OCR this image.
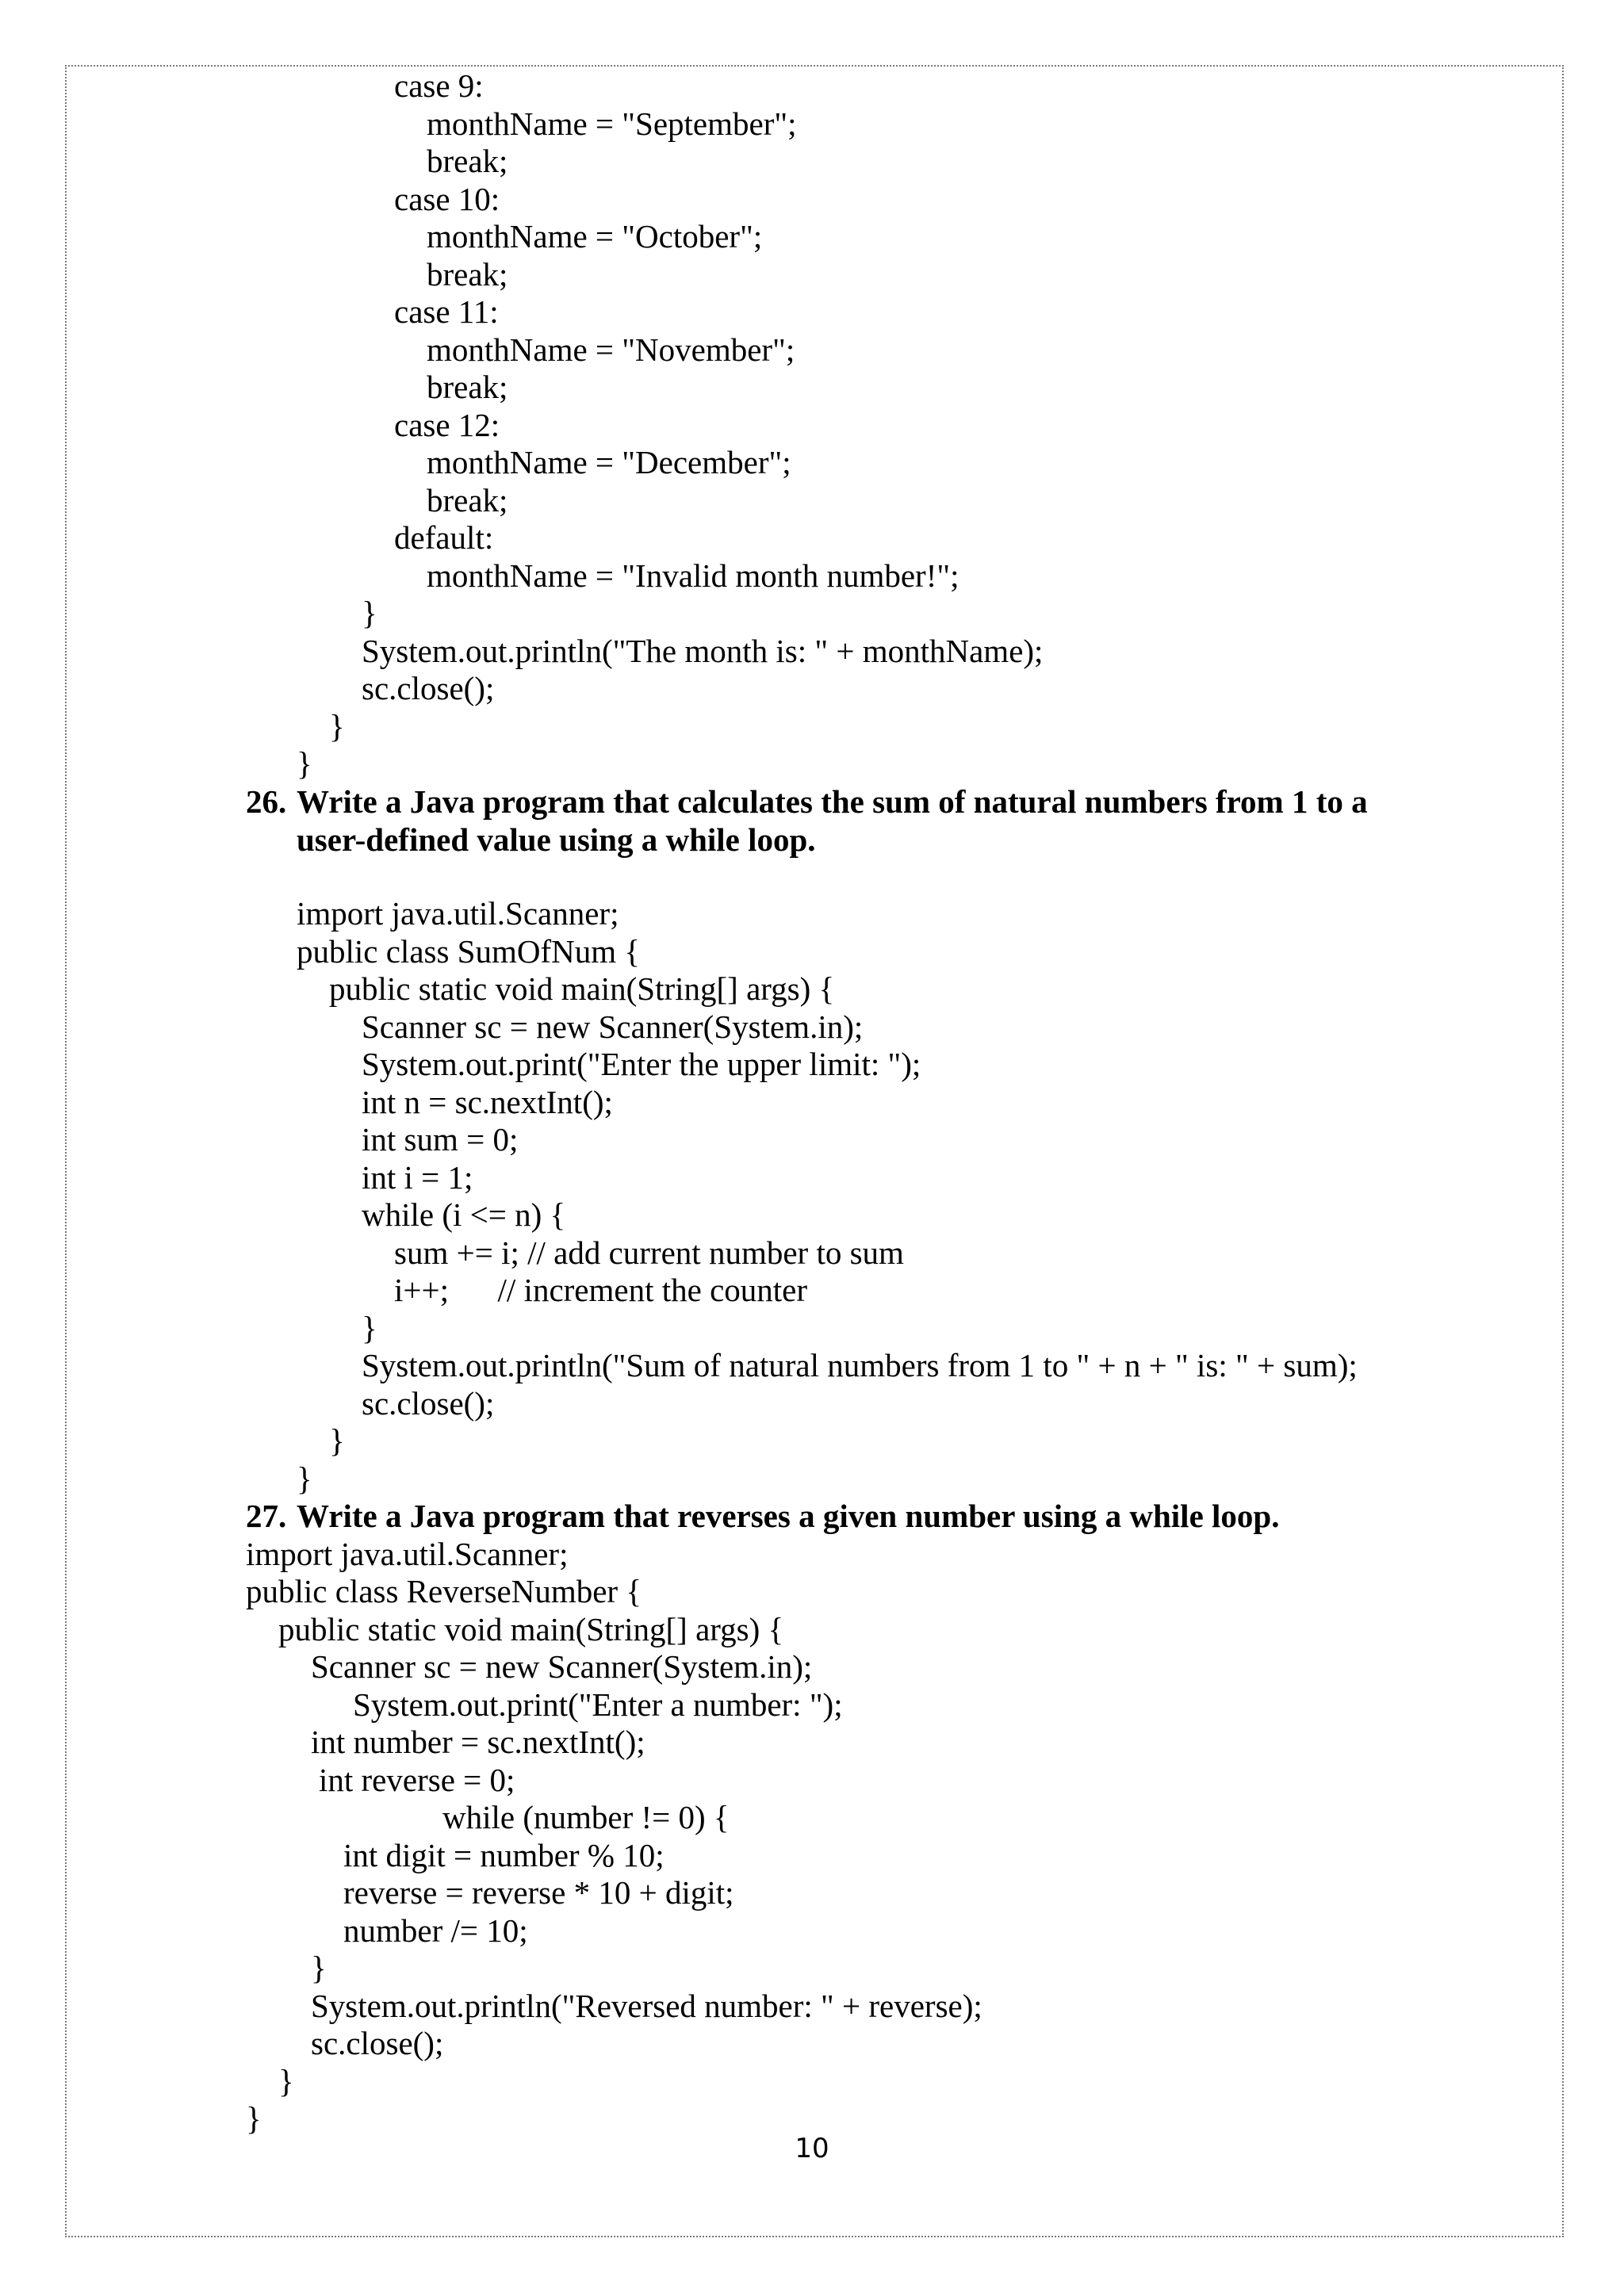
case 9:
monthName = "September";
break;
case 10:
monthName = "October";
break;
case 11:
monthName = "November";
break;
case 12:
monthName = "December";
break;
default:
monthName = "Invalid month number!";
}
System.out.println("The month is: " + monthName);
sc.close();
}
}
26. Write a Java program that calculates the sum of natural numbers from 1 to a
user-defined value using a while loop.
import java.util.Scanner;
public class SumOfNum {
public static void main(String[] args) {
Scanner sc = new Scanner(System.in);
System.out.print("Enter the upper limit: ");
int n = sc.nextInt();
int sum = 0;
int i = 1;
while (i <= n) {
sum += i; // add current number to sum
i++;      // increment the counter
}
System.out.println("Sum of natural numbers from 1 to " + n + " is: " + sum);
sc.close();
}
}
27. Write a Java program that reverses a given number using a while loop.
import java.util.Scanner;
public class ReverseNumber {
public static void main(String[] args) {
Scanner sc = new Scanner(System.in);
System.out.print("Enter a number: ");
int number = sc.nextInt();
int reverse = 0;
while (number != 0) {
int digit = number % 10;
reverse = reverse * 10 + digit;
number /= 10;
}
System.out.println("Reversed number: " + reverse);
sc.close();
}
}
10
